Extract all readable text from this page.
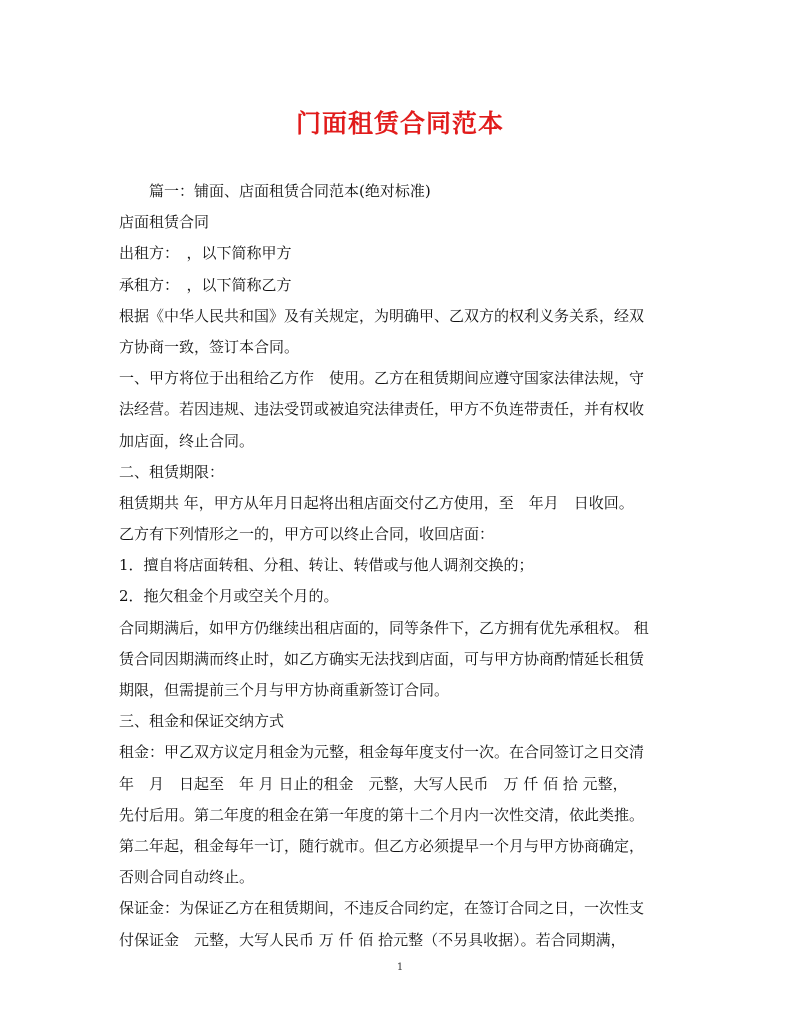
门面租赁合同范本
　　篇一：铺面、店面租赁合同范本(绝对标准)
店面租赁合同
出租方：　，以下简称甲方
承租方：　，以下简称乙方
根据《中华人民共和国》及有关规定，为明确甲、乙双方的权利义务关系，经双
方协商一致，签订本合同。
一、甲方将位于出租给乙方作　使用。乙方在租赁期间应遵守国家法律法规，守
法经营。若因违规、违法受罚或被追究法律责任，甲方不负连带责任，并有权收
加店面，终止合同。
二、租赁期限：
租赁期共 年，甲方从年月日起将出租店面交付乙方使用，至　年月　日收回。
乙方有下列情形之一的，甲方可以终止合同，收回店面：
1．擅自将店面转租、分租、转让、转借或与他人调剂交换的；
2．拖欠租金个月或空关个月的。
合同期满后，如甲方仍继续出租店面的，同等条件下，乙方拥有优先承租权。 租
赁合同因期满而终止时，如乙方确实无法找到店面，可与甲方协商酌情延长租赁
期限，但需提前三个月与甲方协商重新签订合同。
三、租金和保证交纳方式
租金：甲乙双方议定月租金为元整，租金每年度支付一次。在合同签订之日交清
年　月　日起至　年 月 日止的租金　元整，大写人民币　万 仟 佰 拾 元整，
先付后用。第二年度的租金在第一年度的第十二个月内一次性交清，依此类推。
第二年起，租金每年一订，随行就市。但乙方必须提早一个月与甲方协商确定，
否则合同自动终止。
保证金：为保证乙方在租赁期间，不违反合同约定，在签订合同之日，一次性支
付保证金　元整，大写人民币 万 仟 佰 拾元整（不另具收据）。若合同期满，
1
